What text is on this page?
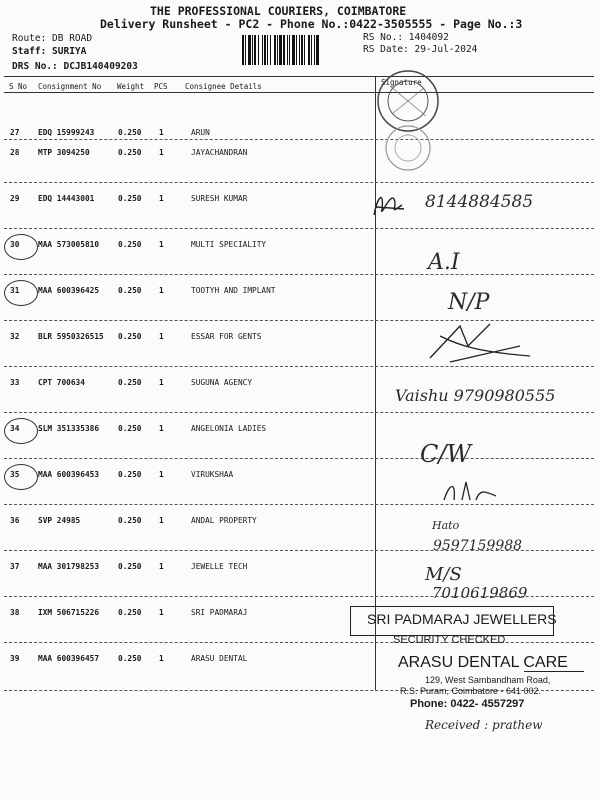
THE PROFESSIONAL COURIERS, COIMBATORE
Delivery Runsheet - PC2 - Phone No.:0422-3505555 - Page No.:3
Route: DB ROAD
Staff: SURIYA
DRS No.: DCJB140409203
RS No.: 1404092
RS Date: 29-Jul-2024
S No Consignment No Weight PCS Consignee Details	Signature
27 EDQ 15999243	0.250 1	ARUN
28 MTP 3094250	0.250 1	JAYACHANDRAN
29 EDQ 14443001	0.250 1	SURESH KUMAR
30 MAA 573005810 0.250 1	MULTI SPECIALITY
31 MAA 600396425 0.250 1	TOOTYH AND IMPLANT
32 BLR 5950326515 0.250 1	ESSAR FOR GENTS
33 CPT 700634	0.250 1	SUGUNA AGENCY
34 SLM 351335386 0.250 1	ANGELONIA LADIES
35 MAA 600396453 0.250 1	VIRUKSHAA
36 SVP 24985	0.250 1	ANDAL PROPERTY
37 MAA 301798253 0.250 1	JEWELLE TECH
38 IXM 506715226 0.250 1	SRI PADMARAJ
39 MAA 600396457 0.250 1	ARASU DENTAL
8144884585
A.I
N/P
Vaishu 9790980555
C/W
Hato
9597159988
M/S
7010619869
SRI PADMARAJ JEWELLERS
SECURITY CHECKED
ARASU DENTAL CARE
129, West Sambandham Road,
R.S. Puram, Coimbatore - 641 002.
Phone: 0422- 4557297
Received : prathew
